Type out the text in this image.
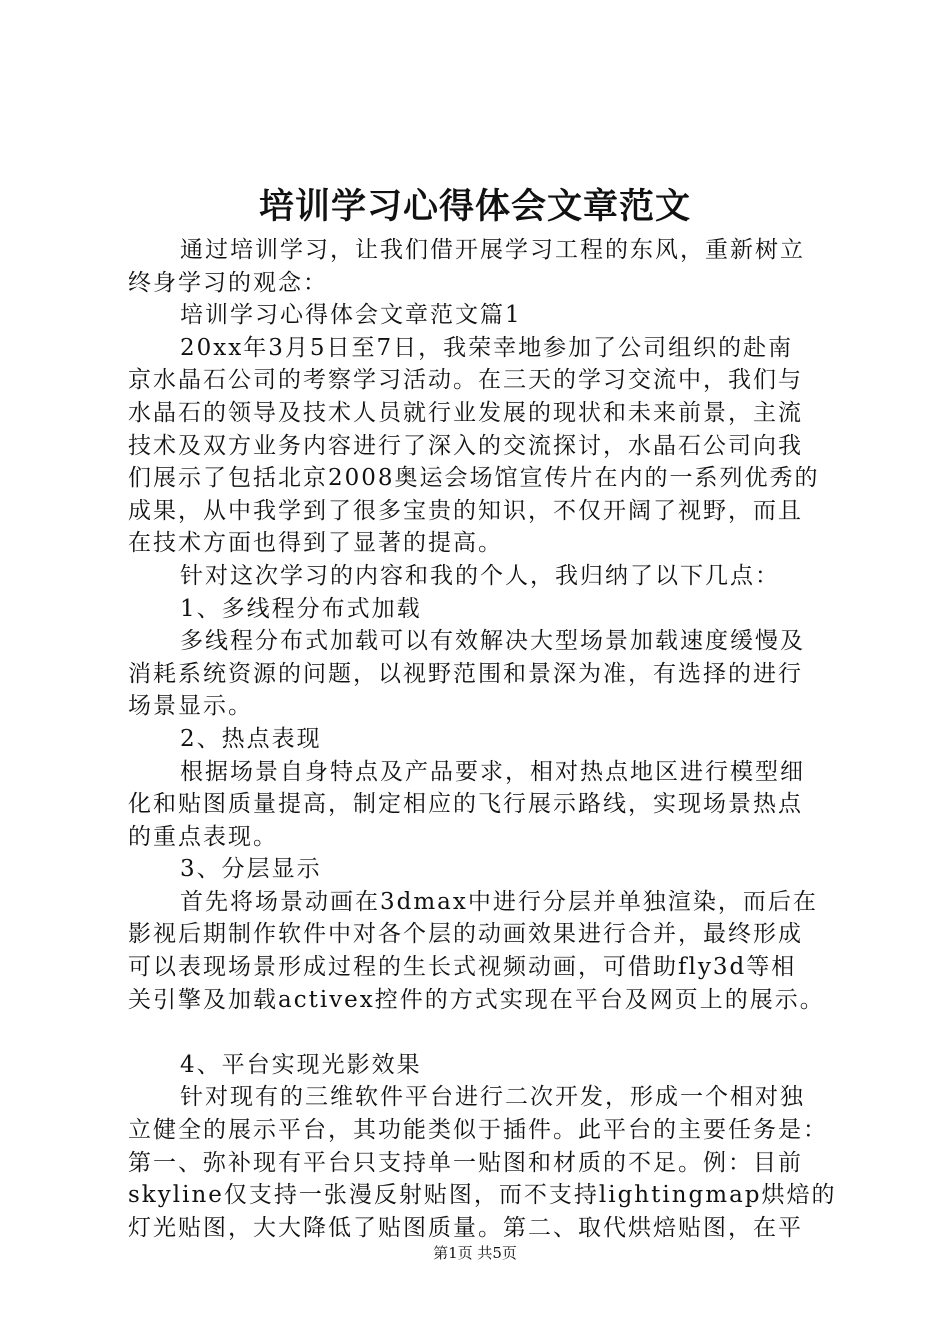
培训学习心得体会文章范文
通过培训学习，让我们借开展学习工程的东风，重新树立
终身学习的观念：
培训学习心得体会文章范文篇1
20xx年3月5日至7日，我荣幸地参加了公司组织的赴南
京水晶石公司的考察学习活动。在三天的学习交流中，我们与
水晶石的领导及技术人员就行业发展的现状和未来前景，主流
技术及双方业务内容进行了深入的交流探讨，水晶石公司向我
们展示了包括北京2008奥运会场馆宣传片在内的一系列优秀的
成果，从中我学到了很多宝贵的知识，不仅开阔了视野，而且
在技术方面也得到了显著的提高。
针对这次学习的内容和我的个人，我归纳了以下几点：
1、多线程分布式加载
多线程分布式加载可以有效解决大型场景加载速度缓慢及
消耗系统资源的问题，以视野范围和景深为准，有选择的进行
场景显示。
2、热点表现
根据场景自身特点及产品要求，相对热点地区进行模型细
化和贴图质量提高，制定相应的飞行展示路线，实现场景热点
的重点表现。
3、分层显示
首先将场景动画在3dmax中进行分层并单独渲染，而后在
影视后期制作软件中对各个层的动画效果进行合并，最终形成
可以表现场景形成过程的生长式视频动画，可借助fly3d等相
关引擎及加载activex控件的方式实现在平台及网页上的展示。
4、平台实现光影效果
针对现有的三维软件平台进行二次开发，形成一个相对独
立健全的展示平台，其功能类似于插件。此平台的主要任务是：
第一、弥补现有平台只支持单一贴图和材质的不足。例：目前
skyline仅支持一张漫反射贴图，而不支持lightingmap烘焙的
灯光贴图，大大降低了贴图质量。第二、取代烘焙贴图，在平
第1页 共5页
